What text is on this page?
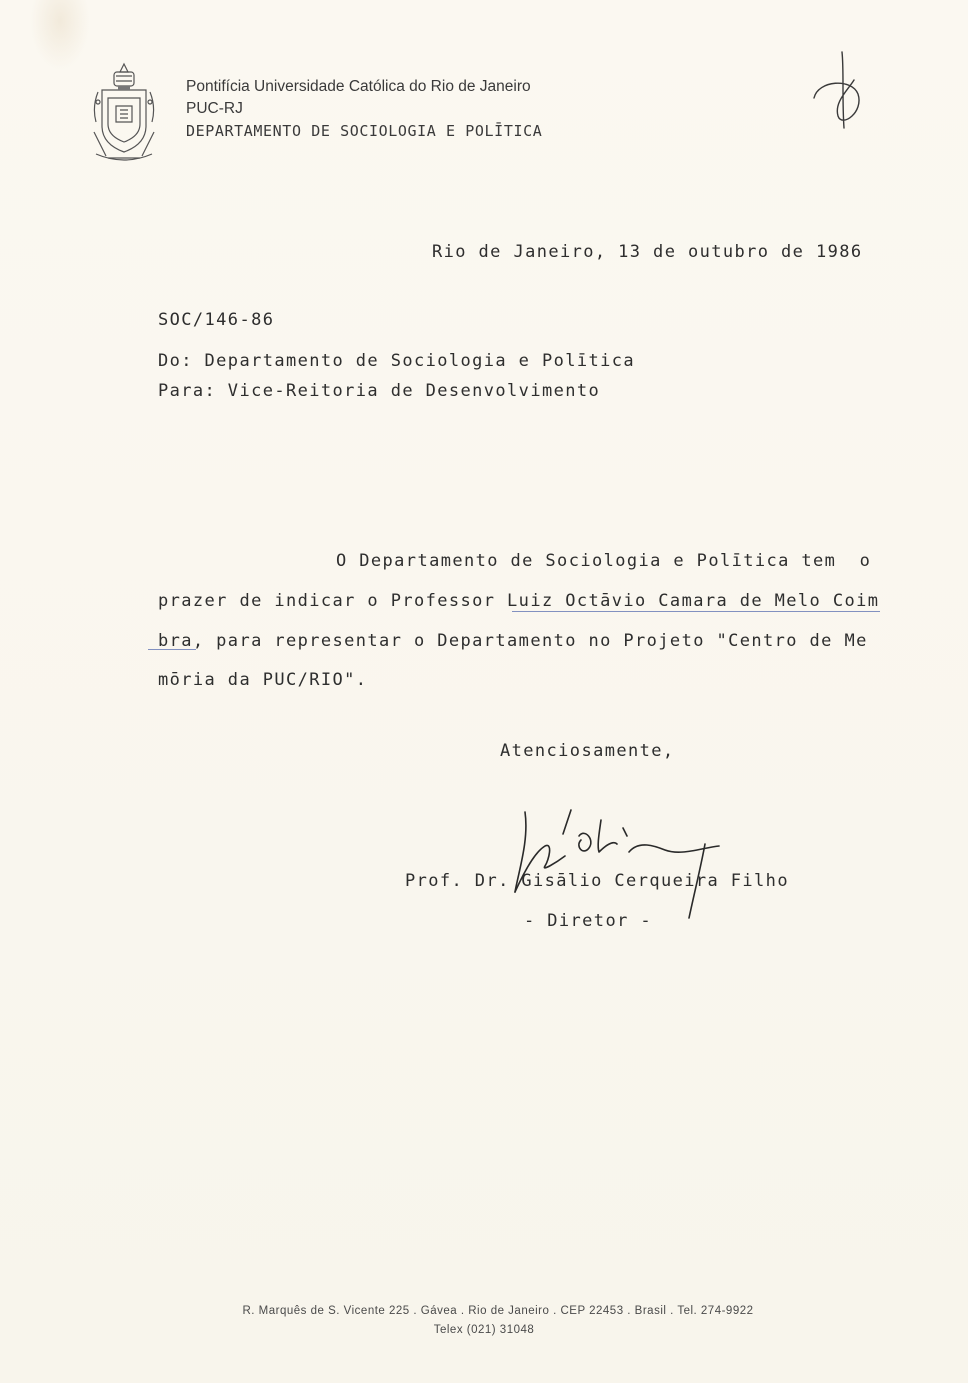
Pontifícia Universidade Católica do Rio de Janeiro
PUC-RJ
DEPARTAMENTO DE SOCIOLOGIA E POLĪTICA
Rio de Janeiro, 13 de outubro de 1986
SOC/146-86
Do: Departamento de Sociologia e Polītica
Para: Vice-Reitoria de Desenvolvimento
O Departamento de Sociologia e Polītica tem  o
prazer de indicar o Professor Luiz Octāvio Camara de Melo Coim
bra, para representar o Departamento no Projeto "Centro de Me
mōria da PUC/RIO".
Atenciosamente,
Prof. Dr. Gisālio Cerqueira Filho
- Diretor -
R. Marquês de S. Vicente 225 . Gávea . Rio de Janeiro . CEP 22453 . Brasil . Tel. 274-9922
Telex (021) 31048
